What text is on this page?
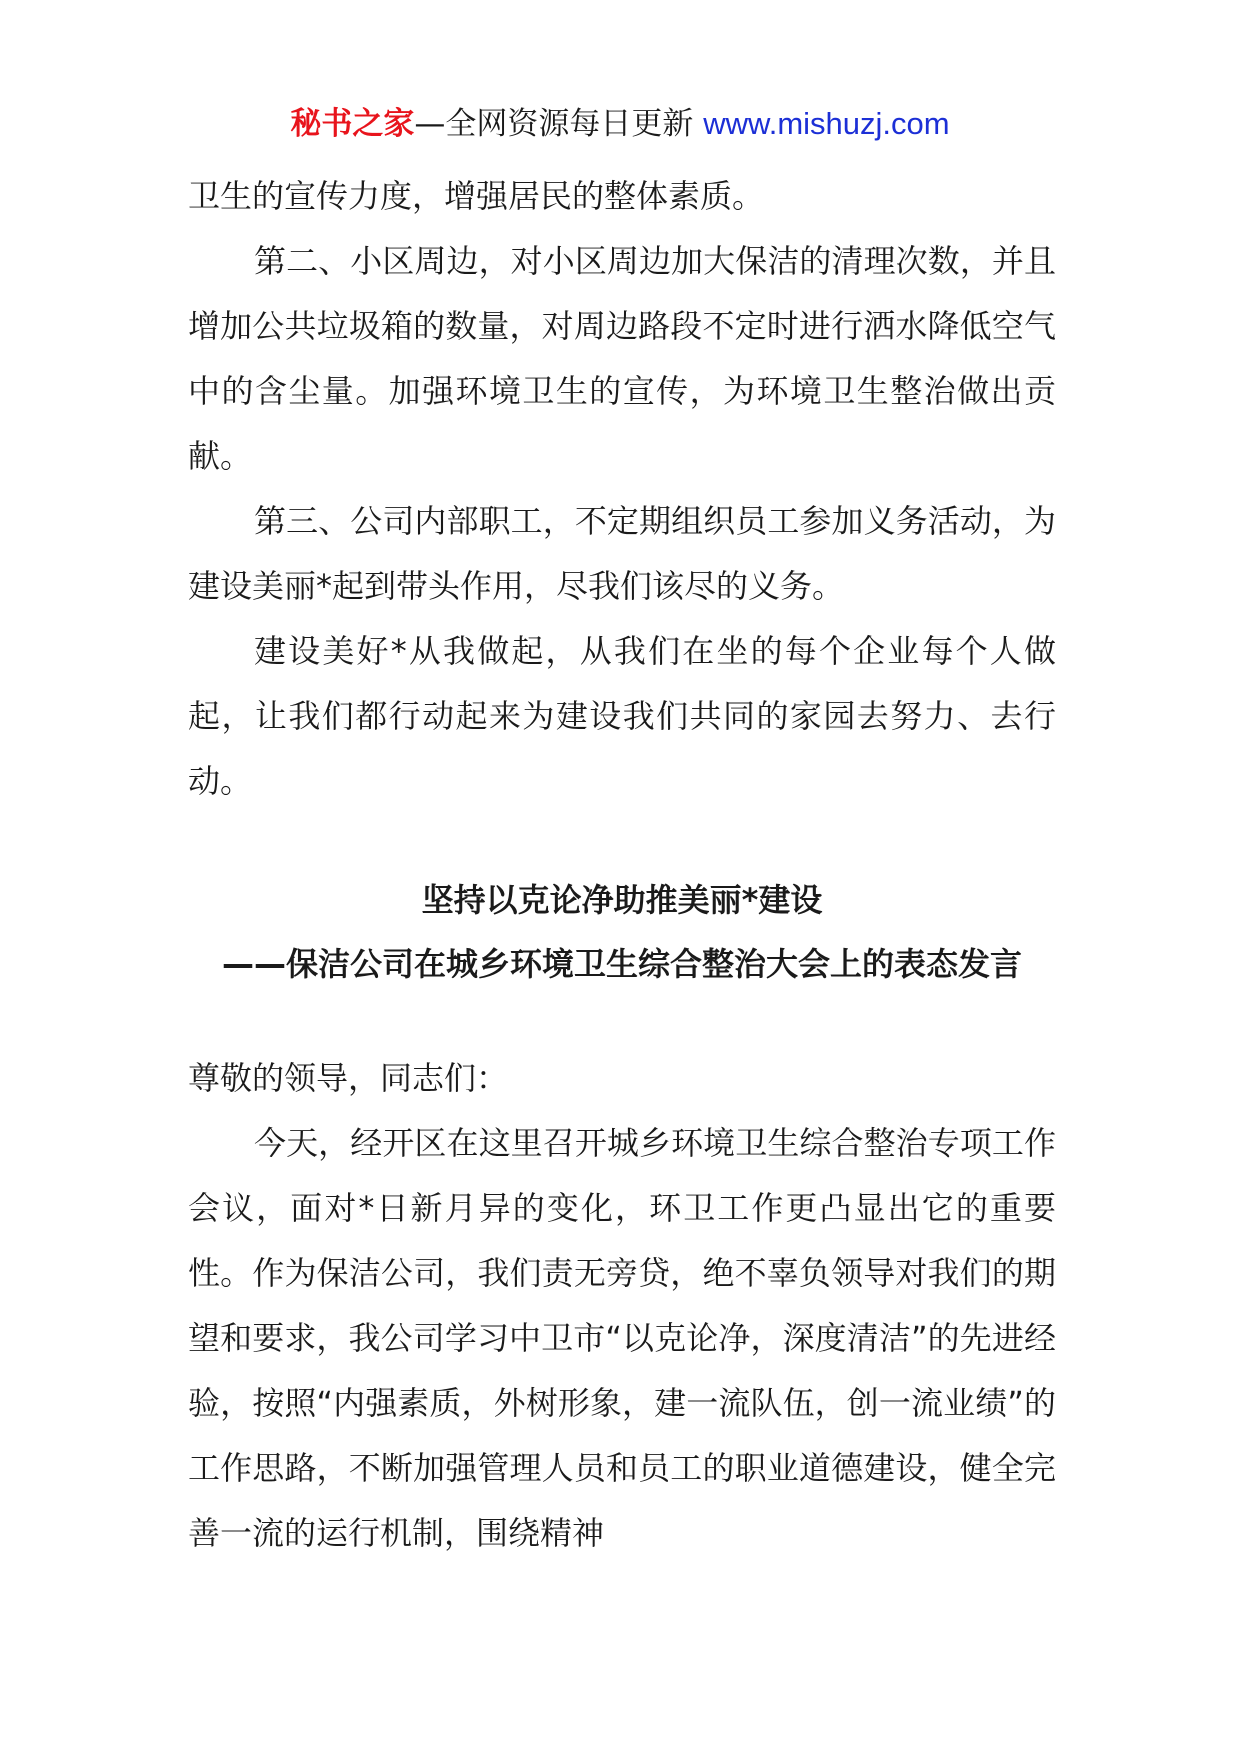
秘书之家—全网资源每日更新 www.mishuzj.com

卫生的宣传力度，增强居民的整体素质。

第二、小区周边，对小区周边加大保洁的清理次数，并且增加公共垃圾箱的数量，对周边路段不定时进行洒水降低空气中的含尘量。加强环境卫生的宣传，为环境卫生整治做出贡献。

第三、公司内部职工，不定期组织员工参加义务活动，为建设美丽*起到带头作用，尽我们该尽的义务。

建设美好*从我做起，从我们在坐的每个企业每个人做起，让我们都行动起来为建设我们共同的家园去努力、去行动。

坚持以克论净助推美丽*建设
——保洁公司在城乡环境卫生综合整治大会上的表态发言

尊敬的领导，同志们：

今天，经开区在这里召开城乡环境卫生综合整治专项工作会议，面对*日新月异的变化，环卫工作更凸显出它的重要性。作为保洁公司，我们责无旁贷，绝不辜负领导对我们的期望和要求，我公司学习中卫市“以克论净，深度清洁”的先进经验，按照“内强素质，外树形象，建一流队伍，创一流业绩”的工作思路，不断加强管理人员和员工的职业道德建设，健全完善一流的运行机制，围绕精神
